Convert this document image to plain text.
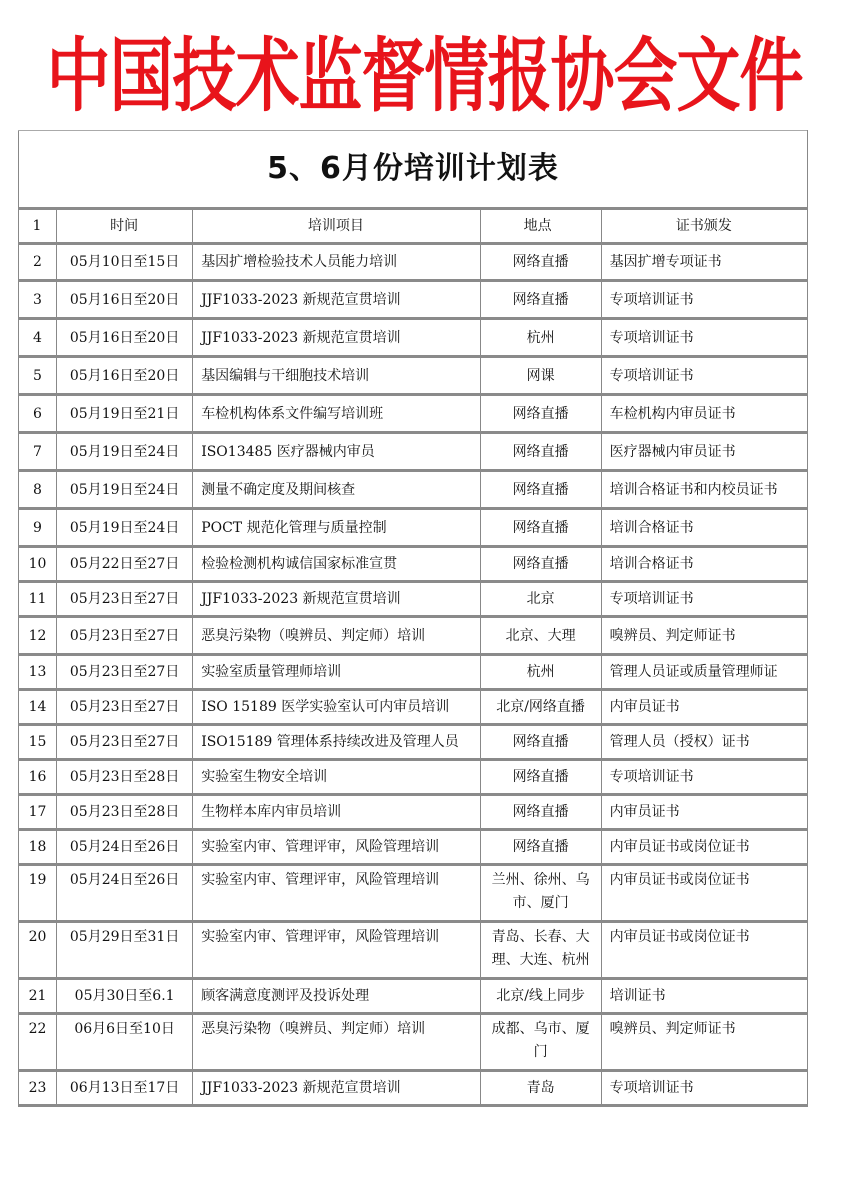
中国技术监督情报协会文件
5、6月份培训计划表				
1	时间	培训项目	地点	证书颁发
2	05月10日至15日	基因扩增检验技术人员能力培训	网络直播	基因扩增专项证书
3	05月16日至20日	JJF1033-2023 新规范宣贯培训	网络直播	专项培训证书
4	05月16日至20日	JJF1033-2023 新规范宣贯培训	杭州	专项培训证书
5	05月16日至20日	基因编辑与干细胞技术培训	网课	专项培训证书
6	05月19日至21日	车检机构体系文件编写培训班	网络直播	车检机构内审员证书
7	05月19日至24日	ISO13485 医疗器械内审员	网络直播	医疗器械内审员证书
8	05月19日至24日	测量不确定度及期间核查	网络直播	培训合格证书和内校员证书
9	05月19日至24日	POCT 规范化管理与质量控制	网络直播	培训合格证书
10	05月22日至27日	检验检测机构诚信国家标准宣贯	网络直播	培训合格证书
11	05月23日至27日	JJF1033-2023 新规范宣贯培训	北京	专项培训证书
12	05月23日至27日	恶臭污染物（嗅辨员、判定师）培训	北京、大理	嗅辨员、判定师证书
13	05月23日至27日	实验室质量管理师培训	杭州	管理人员证或质量管理师证
14	05月23日至27日	ISO 15189 医学实验室认可内审员培训	北京/网络直播	内审员证书
15	05月23日至27日	ISO15189 管理体系持续改进及管理人员	网络直播	管理人员（授权）证书
16	05月23日至28日	实验室生物安全培训	网络直播	专项培训证书
17	05月23日至28日	生物样本库内审员培训	网络直播	内审员证书
18	05月24日至26日	实验室内审、管理评审，风险管理培训	网络直播	内审员证书或岗位证书
19	05月24日至26日	实验室内审、管理评审，风险管理培训	兰州、徐州、乌市、厦门	内审员证书或岗位证书
20	05月29日至31日	实验室内审、管理评审，风险管理培训	青岛、长春、大理、大连、杭州	内审员证书或岗位证书
21	05月30日至6.1	顾客满意度测评及投诉处理	北京/线上同步	培训证书
22	06月6日至10日	恶臭污染物（嗅辨员、判定师）培训	成都、乌市、厦门	嗅辨员、判定师证书
23	06月13日至17日	JJF1033-2023 新规范宣贯培训	青岛	专项培训证书
